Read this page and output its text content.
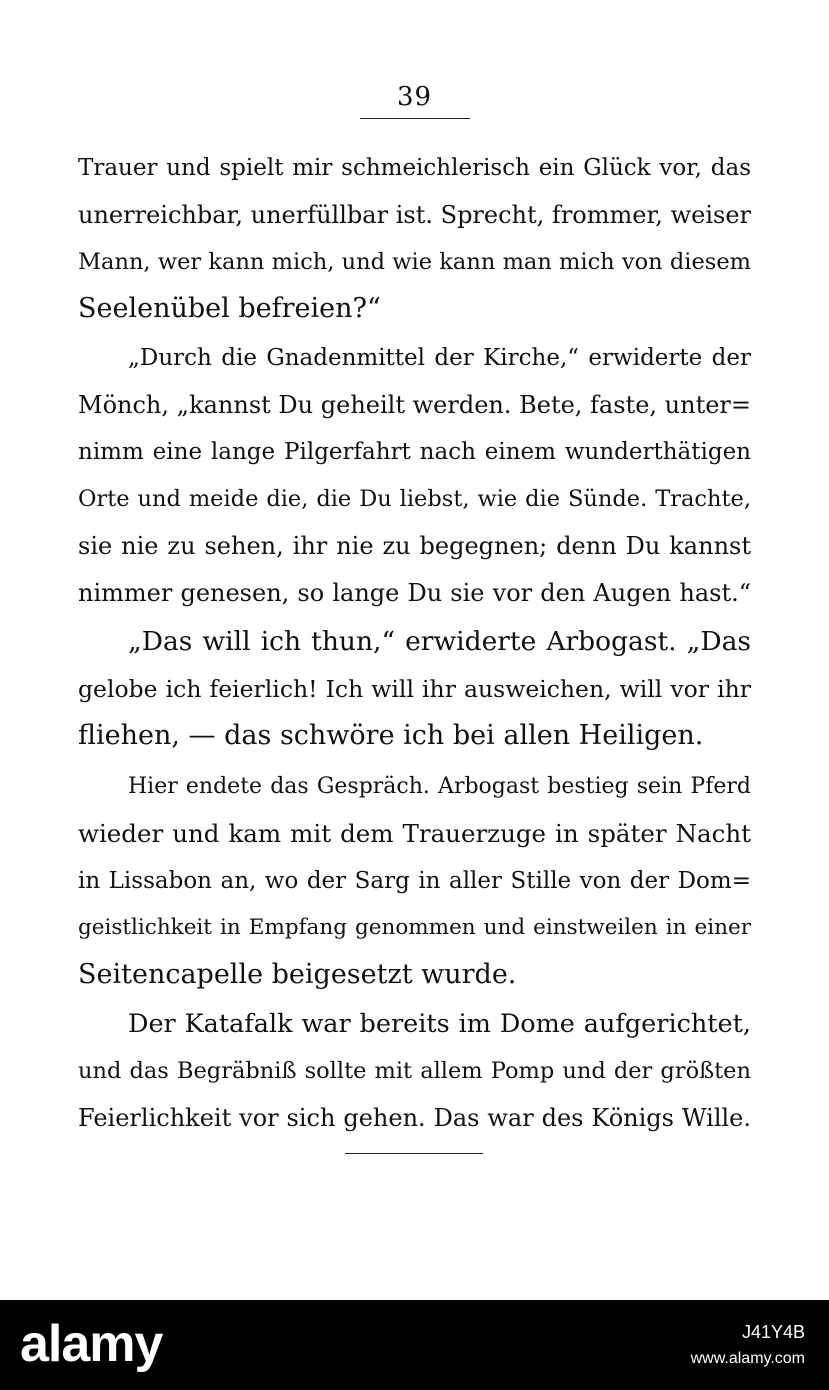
39
Trauer und spielt mir schmeichlerisch ein Glück vor, das
unerreichbar, unerfüllbar ist. Sprecht, frommer, weiser
Mann, wer kann mich, und wie kann man mich von diesem
Seelenübel befreien?“
„Durch die Gnadenmittel der Kirche,“ erwiderte der
Mönch, „kannst Du geheilt werden. Bete, faste, unter=
nimm eine lange Pilgerfahrt nach einem wunderthätigen
Orte und meide die, die Du liebst, wie die Sünde. Trachte,
sie nie zu sehen, ihr nie zu begegnen; denn Du kannst
nimmer genesen, so lange Du sie vor den Augen hast.“
„Das will ich thun,“ erwiderte Arbogast. „Das
gelobe ich feierlich! Ich will ihr ausweichen, will vor ihr
fliehen, — das schwöre ich bei allen Heiligen.
Hier endete das Gespräch. Arbogast bestieg sein Pferd
wieder und kam mit dem Trauerzuge in später Nacht
in Lissabon an, wo der Sarg in aller Stille von der Dom=
geistlichkeit in Empfang genommen und einstweilen in einer
Seitencapelle beigesetzt wurde.
Der Katafalk war bereits im Dome aufgerichtet,
und das Begräbniß sollte mit allem Pomp und der größten
Feierlichkeit vor sich gehen. Das war des Königs Wille.
alamy	J41Y4B
www.alamy.com
